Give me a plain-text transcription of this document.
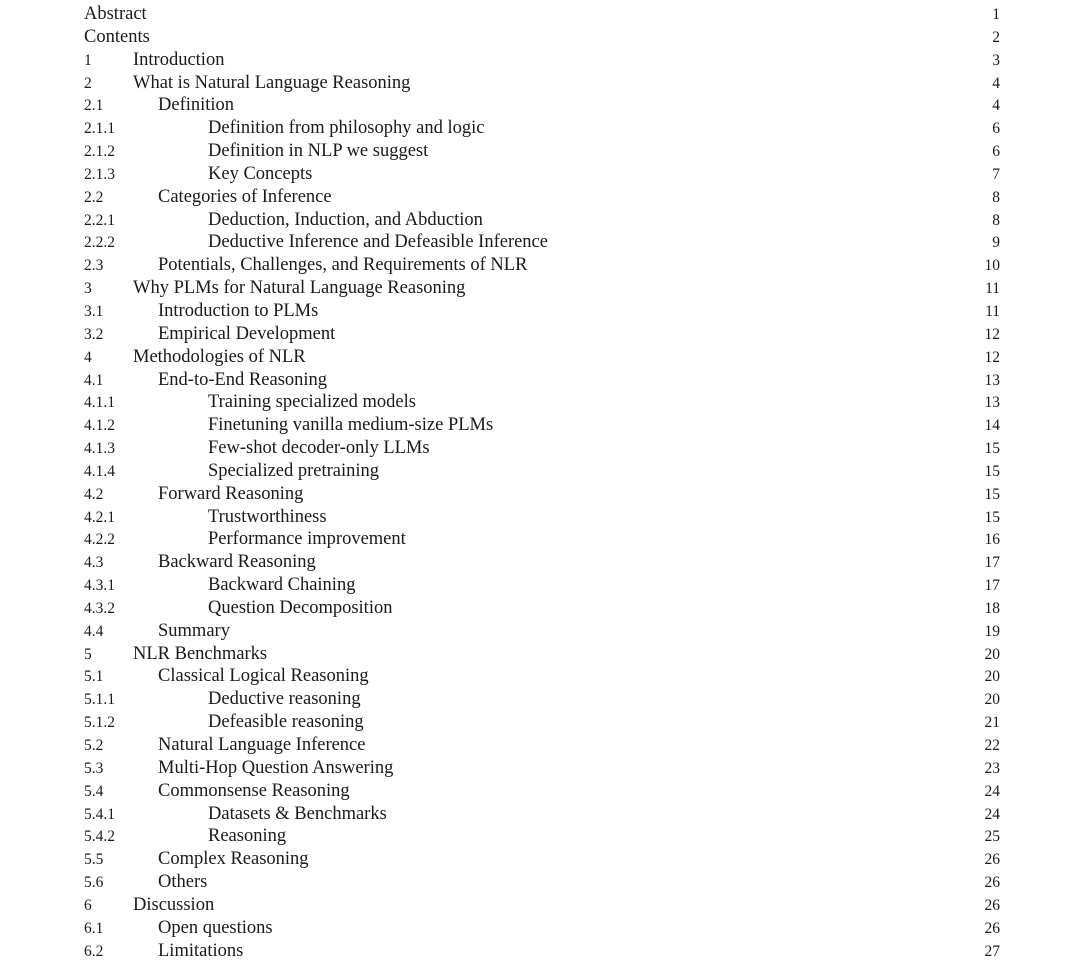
Abstract	1
Contents	2
1 Introduction	3
2 What is Natural Language Reasoning	4
2.1	Definition	4
2.1.1	Definition from philosophy and logic	6
2.1.2	Definition in NLP we suggest	6
2.1.3	Key Concepts	7
2.2	Categories of Inference	8
2.2.1	Deduction, Induction, and Abduction	8
2.2.2	Deductive Inference and Defeasible Inference	9
2.3	Potentials, Challenges, and Requirements of NLR	10
3 Why PLMs for Natural Language Reasoning	11
3.1	Introduction to PLMs	11
3.2	Empirical Development	12
4 Methodologies of NLR	12
4.1	End-to-End Reasoning	13
4.1.1	Training specialized models	13
4.1.2	Finetuning vanilla medium-size PLMs	14
4.1.3	Few-shot decoder-only LLMs	15
4.1.4	Specialized pretraining	15
4.2	Forward Reasoning	15
4.2.1	Trustworthiness	15
4.2.2	Performance improvement	16
4.3	Backward Reasoning	17
4.3.1	Backward Chaining	17
4.3.2	Question Decomposition	18
4.4	Summary	19
5 NLR Benchmarks	20
5.1	Classical Logical Reasoning	20
5.1.1	Deductive reasoning	20
5.1.2	Defeasible reasoning	21
5.2	Natural Language Inference	22
5.3	Multi-Hop Question Answering	23
5.4	Commonsense Reasoning	24
5.4.1	Datasets & Benchmarks	24
5.4.2	Reasoning	25
5.5	Complex Reasoning	26
5.6	Others	26
6 Discussion	26
6.1	Open questions	26
6.2	Limitations	27
